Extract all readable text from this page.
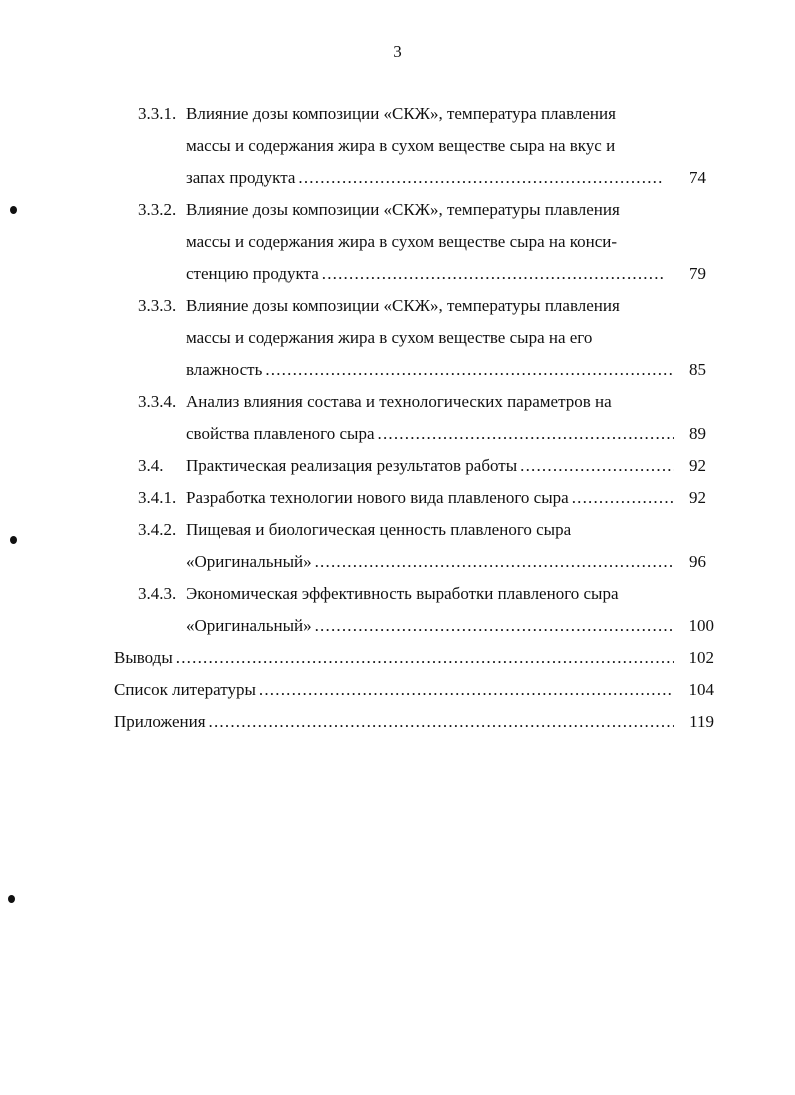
3
3.3.1. Влияние дозы композиции «СКЖ», температура плавления
массы и содержания жира в сухом веществе сыра на вкус и
запах продукта .....	74
3.3.2. Влияние дозы композиции «СКЖ», температуры плавления
массы и содержания жира в сухом веществе сыра на конси-
стенцию продукта .....	79
3.3.3. Влияние дозы композиции «СКЖ», температуры плавления
массы и содержания жира в сухом веществе сыра на его
влажность .....	85
3.3.4. Анализ влияния состава и технологических параметров на
свойства плавленого сыра .....	89
3.4. Практическая реализация результатов работы .....	92
3.4.1. Разработка технологии нового вида плавленого сыра .....	92
3.4.2. Пищевая и биологическая ценность плавленого сыра
«Оригинальный» .....	96
3.4.3. Экономическая эффективность выработки плавленого сыра
«Оригинальный» .....	100
Выводы .....	102
Список литературы .....	104
Приложения .....	119
